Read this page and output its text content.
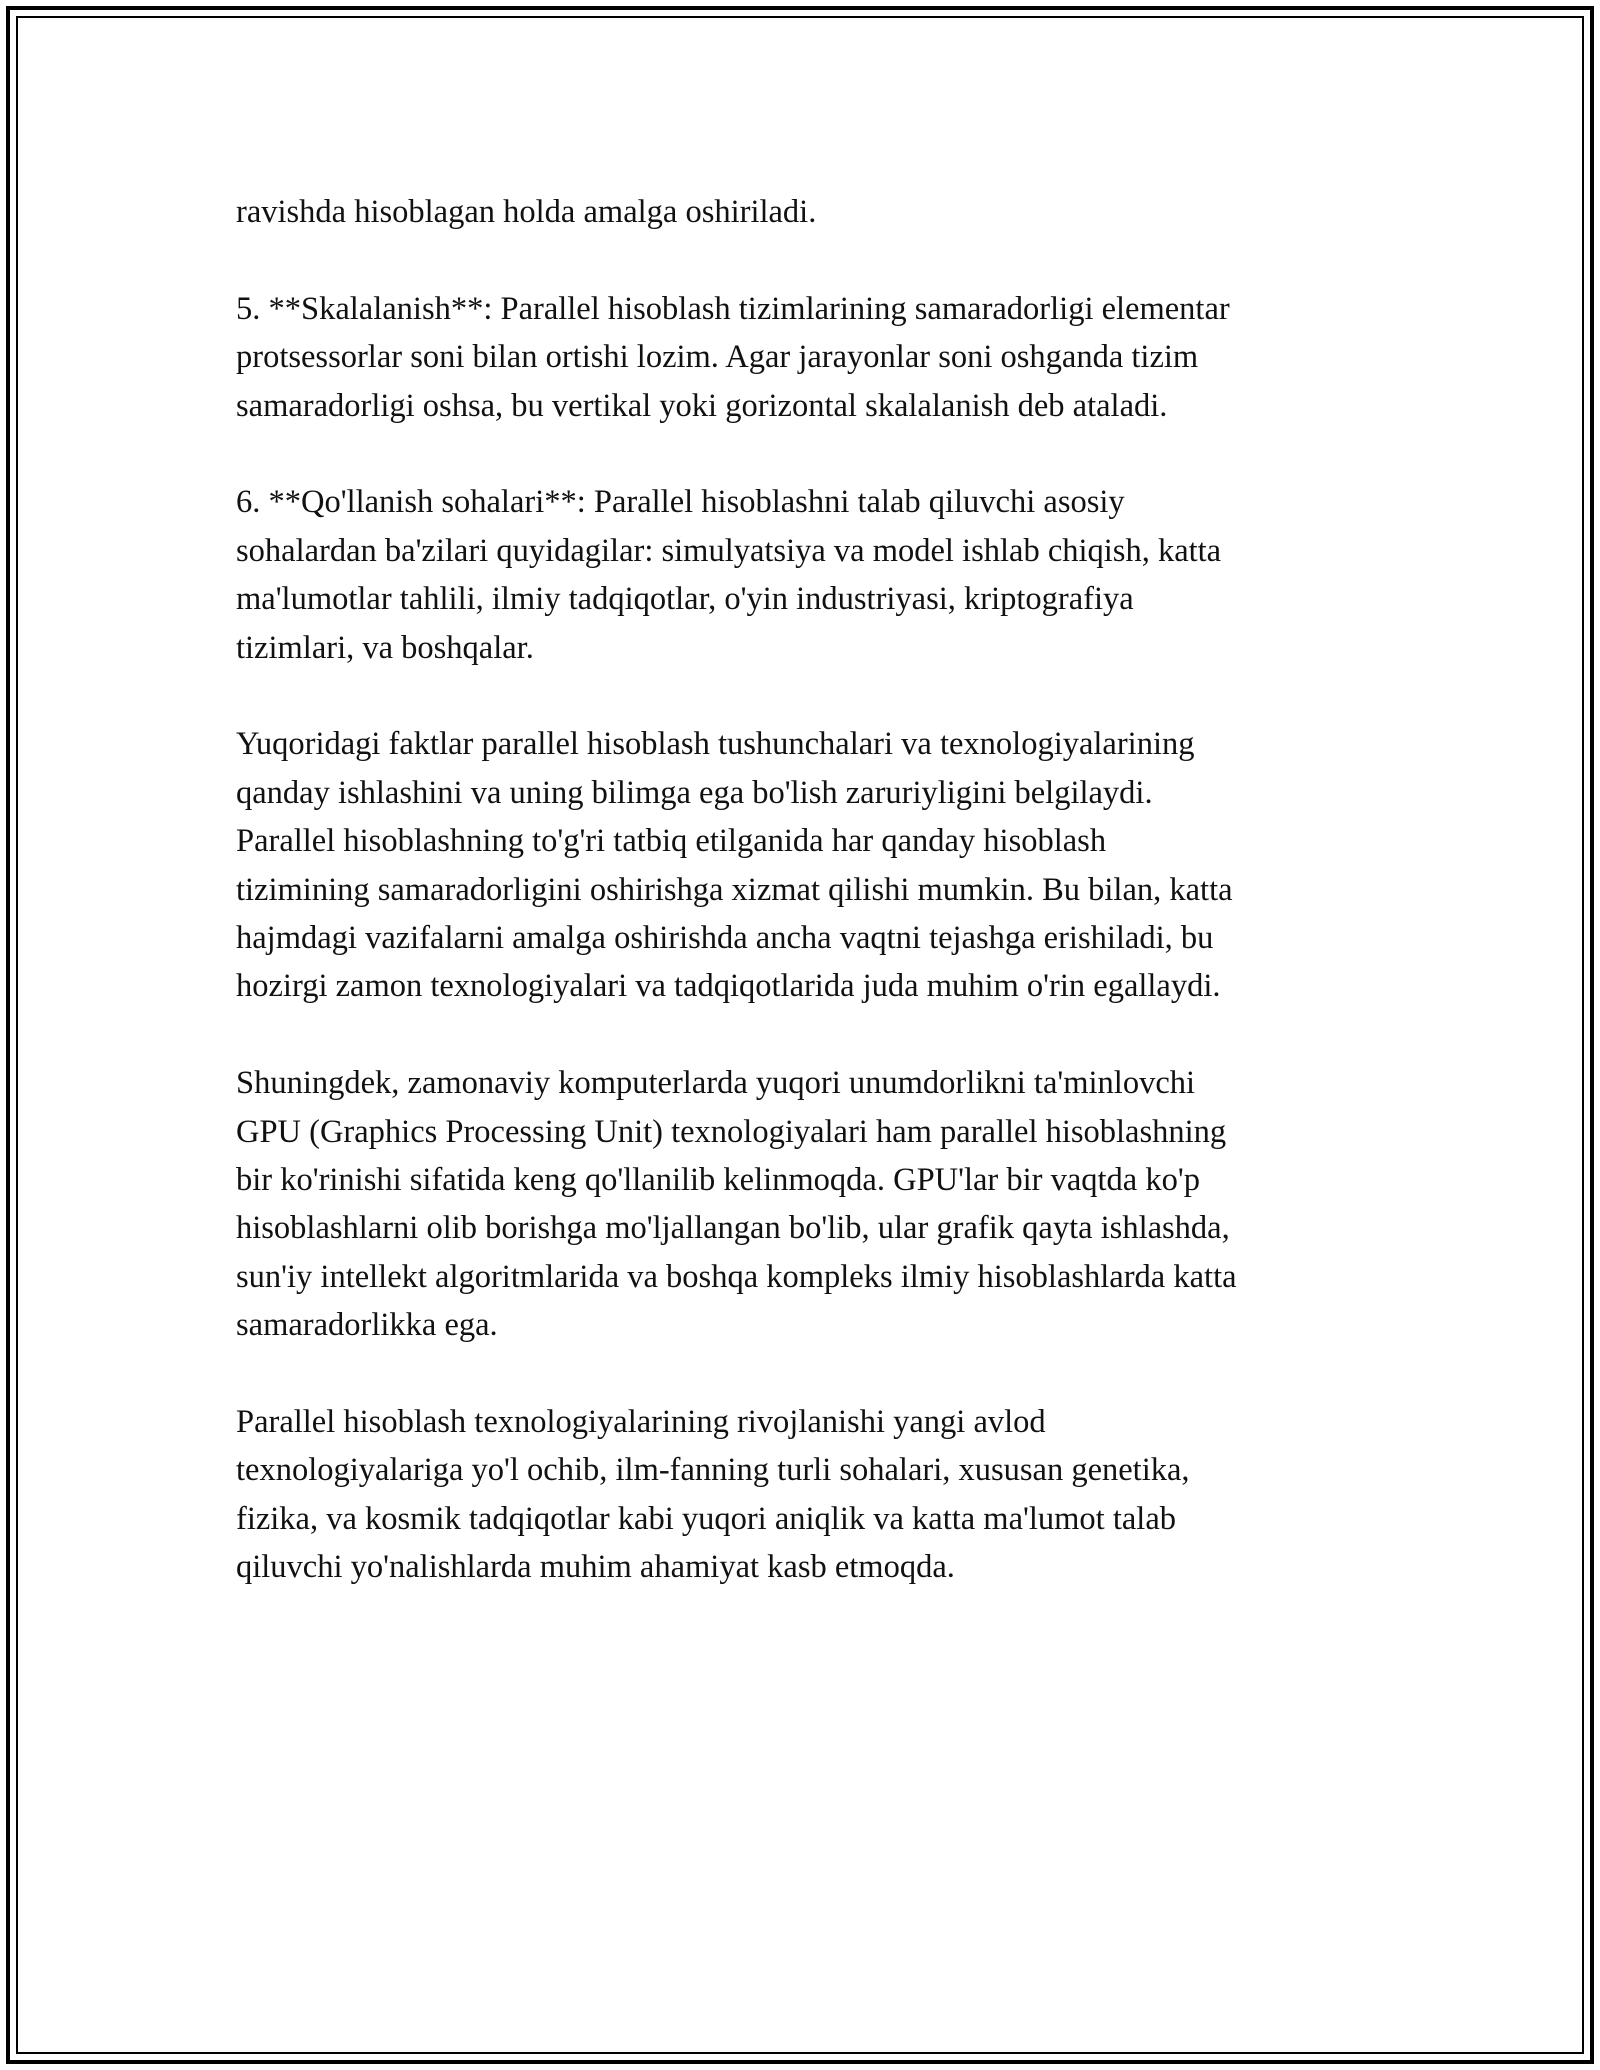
ravishda hisoblagan holda amalga oshiriladi.

5. **Skalalanish**: Parallel hisoblash tizimlarining samaradorligi elementar
protsessorlar soni bilan ortishi lozim. Agar jarayonlar soni oshganda tizim
samaradorligi oshsa, bu vertikal yoki gorizontal skalalanish deb ataladi.

6. **Qo'llanish sohalari**: Parallel hisoblashni talab qiluvchi asosiy
sohalardan ba'zilari quyidagilar: simulyatsiya va model ishlab chiqish, katta
ma'lumotlar tahlili, ilmiy tadqiqotlar, o'yin industriyasi, kriptografiya
tizimlari, va boshqalar.

Yuqoridagi faktlar parallel hisoblash tushunchalari va texnologiyalarining
qanday ishlashini va uning bilimga ega bo'lish zaruriyligini belgilaydi.
Parallel hisoblashning to'g'ri tatbiq etilganida har qanday hisoblash
tizimining samaradorligini oshirishga xizmat qilishi mumkin. Bu bilan, katta
hajmdagi vazifalarni amalga oshirishda ancha vaqtni tejashga erishiladi, bu
hozirgi zamon texnologiyalari va tadqiqotlarida juda muhim o'rin egallaydi.

Shuningdek, zamonaviy komputerlarda yuqori unumdorlikni ta'minlovchi
GPU (Graphics Processing Unit) texnologiyalari ham parallel hisoblashning
bir ko'rinishi sifatida keng qo'llanilib kelinmoqda. GPU'lar bir vaqtda ko'p
hisoblashlarni olib borishga mo'ljallangan bo'lib, ular grafik qayta ishlashda,
sun'iy intellekt algoritmlarida va boshqa kompleks ilmiy hisoblashlarda katta
samaradorlikka ega.

Parallel hisoblash texnologiyalarining rivojlanishi yangi avlod
texnologiyalariga yo'l ochib, ilm-fanning turli sohalari, xususan genetika,
fizika, va kosmik tadqiqotlar kabi yuqori aniqlik va katta ma'lumot talab
qiluvchi yo'nalishlarda muhim ahamiyat kasb etmoqda.
